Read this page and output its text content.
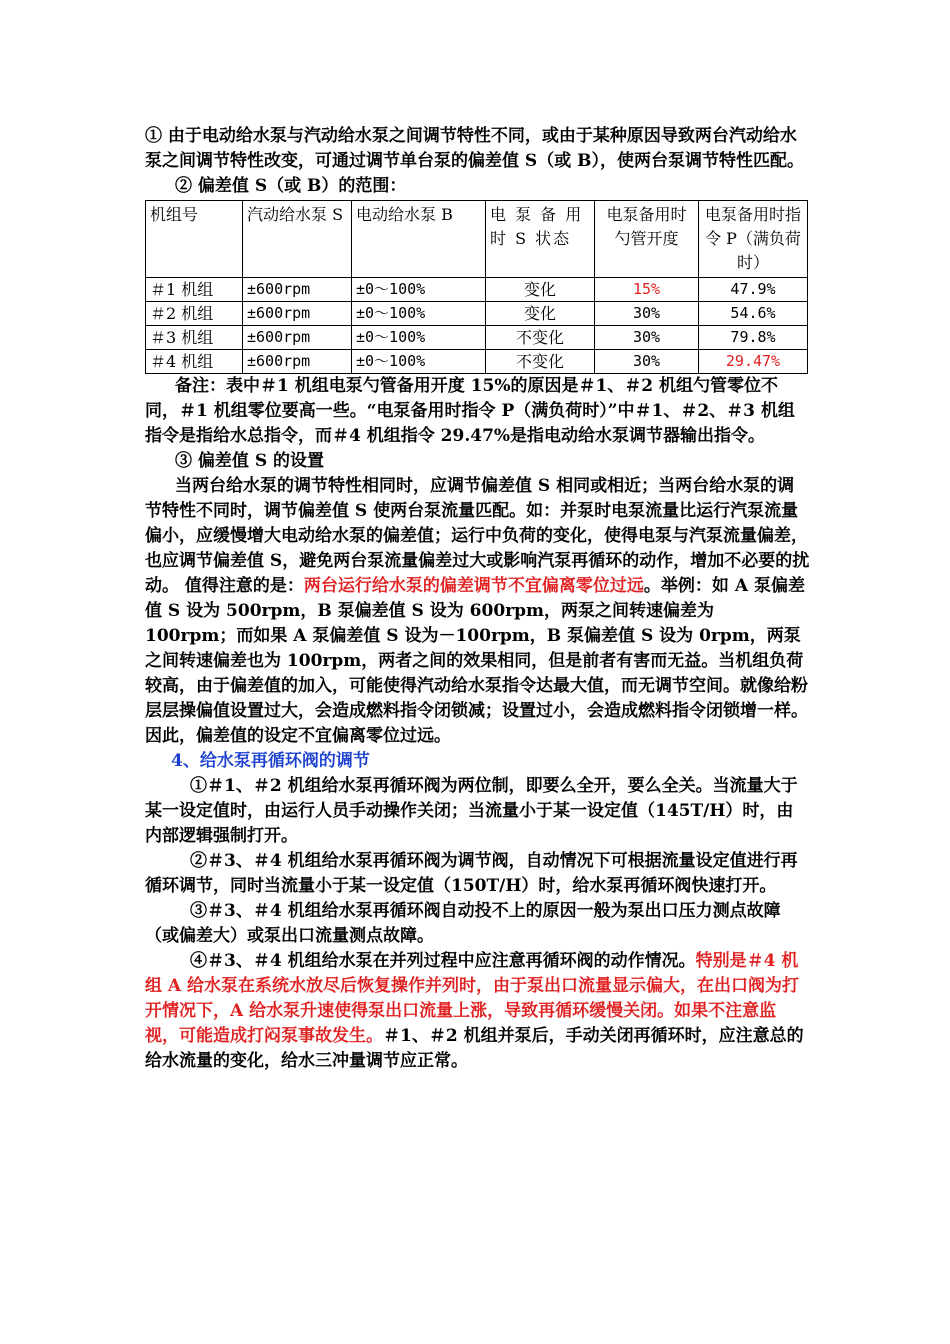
① 由于电动给水泵与汽动给水泵之间调节特性不同，或由于某种原因导致两台汽动给水泵之间调节特性改变，可通过调节单台泵的偏差值 S（或 B），使两台泵调节特性匹配。

② 偏差值 S（或 B）的范围：

机组号	汽动给水泵 S	电动给水泵 B	电 泵 备 用 时 S 状态	电泵备用时勺管开度	电泵备用时指令 P（满负荷时）
＃1 机组	±600rpm	±0～100%	变化	15%	47.9%
＃2 机组	±600rpm	±0～100%	变化	30%	54.6%
＃3 机组	±600rpm	±0～100%	不变化	30%	79.8%
＃4 机组	±600rpm	±0～100%	不变化	30%	29.47%

备注：表中＃1 机组电泵勺管备用开度 15%的原因是＃1、＃2 机组勺管零位不同，＃1 机组零位要高一些。“电泵备用时指令 P（满负荷时）”中＃1、＃2、＃3 机组指令是指给水总指令，而＃4 机组指令 29.47%是指电动给水泵调节器输出指令。

③ 偏差值 S 的设置

当两台给水泵的调节特性相同时，应调节偏差值 S 相同或相近；当两台给水泵的调节特性不同时，调节偏差值 S 使两台泵流量匹配。如：并泵时电泵流量比运行汽泵流量偏小，应缓慢增大电动给水泵的偏差值；运行中负荷的变化，使得电泵与汽泵流量偏差，也应调节偏差值 S，避免两台泵流量偏差过大或影响汽泵再循环的动作，增加不必要的扰动。 值得注意的是：两台运行给水泵的偏差调节不宜偏离零位过远。举例：如 A 泵偏差值 S 设为 500rpm，B 泵偏差值 S 设为 600rpm，两泵之间转速偏差为 100rpm；而如果 A 泵偏差值 S 设为－100rpm，B 泵偏差值 S 设为 0rpm，两泵之间转速偏差也为 100rpm，两者之间的效果相同，但是前者有害而无益。当机组负荷较高，由于偏差值的加入，可能使得汽动给水泵指令达最大值，而无调节空间。就像给粉层层操偏值设置过大，会造成燃料指令闭锁减；设置过小，会造成燃料指令闭锁增一样。因此，偏差值的设定不宜偏离零位过远。

4、给水泵再循环阀的调节

①＃1、＃2 机组给水泵再循环阀为两位制，即要么全开，要么全关。当流量大于某一设定值时，由运行人员手动操作关闭；当流量小于某一设定值（145T/H）时，由内部逻辑强制打开。

②＃3、＃4 机组给水泵再循环阀为调节阀，自动情况下可根据流量设定值进行再循环调节，同时当流量小于某一设定值（150T/H）时，给水泵再循环阀快速打开。

③＃3、＃4 机组给水泵再循环阀自动投不上的原因一般为泵出口压力测点故障（或偏差大）或泵出口流量测点故障。

④＃3、＃4 机组给水泵在并列过程中应注意再循环阀的动作情况。特别是＃4 机组 A 给水泵在系统水放尽后恢复操作并列时，由于泵出口流量显示偏大，在出口阀为打开情况下，A 给水泵升速使得泵出口流量上涨，导致再循环缓慢关闭。如果不注意监视，可能造成打闷泵事故发生。＃1、＃2 机组并泵后，手动关闭再循环时，应注意总的给水流量的变化，给水三冲量调节应正常。
